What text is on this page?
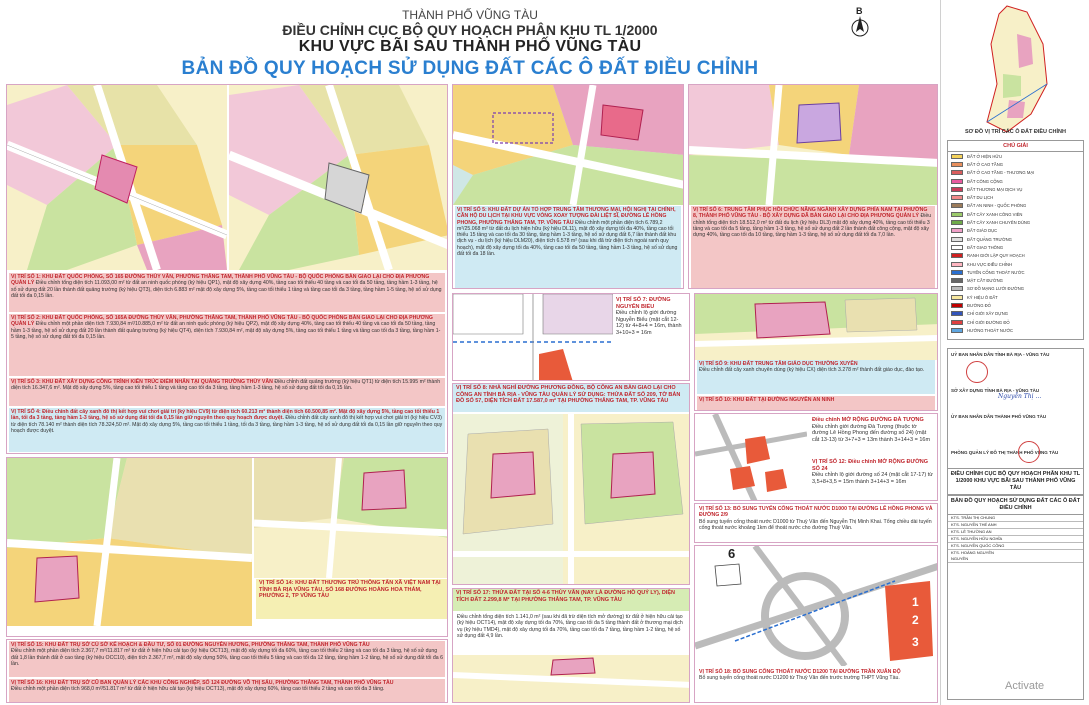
THÀNH PHỐ VŨNG TÀU
ĐIỀU CHỈNH CỤC BỘ QUY HOẠCH PHÂN KHU TL 1/2000
KHU VỰC BÃI SAU THÀNH PHỐ VŨNG TÀU
BẢN ĐỒ QUY HOẠCH SỬ DỤNG ĐẤT CÁC Ô ĐẤT ĐIỀU CHỈNH
B
VỊ TRÍ SỐ 1: KHU ĐẤT QUỐC PHÒNG, SỐ 165 ĐƯỜNG THÙY VÂN, PHƯỜNG THẮNG TAM, THÀNH PHỐ VŨNG TÀU - BỘ QUỐC PHÒNG BÀN GIAO LẠI CHO ĐỊA PHƯƠNG QUẢN LÝ Điều chỉnh tổng diện tích 11.093,00 m² từ đất an ninh quốc phòng (ký hiệu QP1), mật độ xây dựng 40%, tầng cao tối thiểu 40 tầng và cao tối đa 50 tầng, tầng hầm 1-3 tầng, hệ số sử dụng đất 20 lần thành đất quảng trường (ký hiệu QT3), diện tích 6.883 m² mật độ xây dựng 5%, tầng cao tối thiểu 1 tầng và tầng cao tối đa 3 tầng, tầng hầm 1-5 tầng, hệ số sử dụng đất tối đa 0,15 lần.
VỊ TRÍ SỐ 2: KHU ĐẤT QUỐC PHÒNG, SỐ 165A ĐƯỜNG THÙY VÂN, PHƯỜNG THẮNG TAM, THÀNH PHỐ VŨNG TÀU - BỘ QUỐC PHÒNG BÀN GIAO LẠI CHO ĐỊA PHƯƠNG QUẢN LÝ Điều chỉnh một phần diện tích 7.930,84 m²/10.885,0 m² từ đất an ninh quốc phòng (ký hiệu QP2), mật độ xây dựng 40%, tầng cao tối thiểu 40 tầng và cao tối đa 50 tầng, tầng hầm 1-3 tầng, hệ số sử dụng đất 20 lần thành đất quảng trường (ký hiệu QT4), diện tích 7.930,84 m², mật độ xây dựng 5%, tầng cao tối thiểu 1 tầng và tầng cao tối đa 3 tầng, tầng hầm 1-5 tầng, hệ số sử dụng đất tối đa 0,15 lần.
VỊ TRÍ SỐ 3: KHU ĐẤT XÂY DỰNG CÔNG TRÌNH KIẾN TRÚC ĐIỂM NHẤN TẠI QUẢNG TRƯỜNG THÙY VÂN Điều chỉnh đất quảng trường (ký hiệu QT1) từ diện tích 15.995 m² thành diện tích 16.347,6 m². Mật độ xây dựng 5%, tầng cao tối thiểu 1 tầng và tầng cao tối đa 3 tầng, tầng hầm 1-3 tầng, hệ số sử dụng đất tối đa 0,15 lần.
VỊ TRÍ SỐ 4: Điều chỉnh đất cây xanh đô thị kết hợp vui chơi giải trí (ký hiệu CV9) từ diện tích 60.213 m² thành diện tích 60.500,85 m². Mật độ xây dựng 5%, tầng cao tối thiểu 1 lần, tối đa 3 tầng, tầng hầm 1-3 tầng, hệ số sử dụng đất tối đa 0,15 lần giữ nguyên theo quy hoạch được duyệt. Điều chỉnh đất cây xanh đô thị kết hợp vui chơi giải trí (ký hiệu CV3) từ diện tích 78.140 m² thành diện tích 78.324,50 m². Mật độ xây dựng 5%, tầng cao tối thiểu 1 tầng, tối đa 3 tầng, tầng hầm 1-3 tầng, hệ số sử dụng đất tối đa 0,15 lần giữ nguyên theo quy hoạch được duyệt.
VỊ TRÍ SỐ 5: KHU ĐẤT DỰ ÁN TỔ HỢP TRUNG TÂM THƯƠNG MẠI, HỘI NGHỊ TẠI CHỈNH, CĂN HỘ DU LỊCH TẠI KHU VỰC VÒNG XOAY TƯỢNG ĐÀI LIỆT SĨ, ĐƯỜNG LÊ HỒNG PHONG, PHƯỜNG THẮNG TAM, TP. VŨNG TÀU Điều chỉnh một phần diện tích 6.789,2 m²/25.068 m² từ đất du lịch hiện hữu (ký hiệu DL11), mật độ xây dựng tối đa 40%, tầng cao tối thiểu 15 tầng và cao tối đa 30 tầng, tầng hầm 1-3 tầng, hệ số sử dụng đất 6,7 lần thành đất khu dịch vụ - du lịch (ký hiệu DLM20), diện tích 6.578 m² (sau khi đã trừ diện tích ngoài ranh quy hoạch), mật độ xây dựng tối đa 40%, tầng cao tối đa 50 tầng, tầng hầm 1-3 tầng, hệ số sử dụng đất tối đa 18 lần.
VỊ TRÍ SỐ 6: TRUNG TÂM PHỤC HỒI CHỨC NĂNG NGÀNH XÂY DỰNG PHÍA NAM TẠI PHƯỜNG 8, THÀNH PHỐ VŨNG TÀU - BỘ XÂY DỰNG ĐÃ BÀN GIAO LẠI CHO ĐỊA PHƯƠNG QUẢN LÝ Điều chỉnh tổng diện tích 18.512,0 m² từ đất du lịch (ký hiệu DL3) mật độ xây dựng 40%, tầng cao tối thiểu 3 tầng và cao tối đa 5 tầng, tầng hầm 1-3 tầng, hệ số sử dụng đất 2 lần thành đất công cộng, mật độ xây dựng 40%, tầng cao tối đa 10 tầng, tầng hầm 1-3 tầng, hệ số sử dụng đất tối đa 7,0 lần.
VỊ TRÍ SỐ 7: ĐƯỜNG NGUYỄN BIỂU
Điều chỉnh lộ giới đường Nguyễn Biểu (mặt cắt 12-12) từ 4+8+4 = 16m, thành 3+10+3 = 16m
VỊ TRÍ SỐ 8: NHÀ NGHỈ ĐƯỜNG PHƯƠNG ĐÔNG, BỘ CÔNG AN BÀN GIAO LẠI CHO CÔNG AN TỈNH BÀ RỊA - VŨNG TÀU QUẢN LÝ SỬ DỤNG: THỬA ĐẤT SỐ 209, TỜ BẢN ĐỒ SỐ 57, DIỆN TÍCH ĐẤT 17.587,0 m² TẠI PHƯỜNG THẮNG TAM, TP. VŨNG TÀU
VỊ TRÍ SỐ 9: KHU ĐẤT TRUNG TÂM GIÁO DỤC THƯỜNG XUYÊN
Điều chỉnh đất cây xanh chuyên dùng (ký hiệu CX) diện tích 3.278 m² thành đất giáo dục, đào tạo.
VỊ TRÍ SỐ 10: KHU ĐẤT TẠI ĐƯỜNG NGUYỄN AN NINH
Điều chỉnh MỞ RỘNG ĐƯỜNG ĐÀ TƯỢNG
Điều chỉnh giới đường Đà Tượng (thuộc tờ đường Lê Hồng Phong đến đường số 24) (mặt cắt 13-13) từ 3+7+3 = 13m thành 3+14+3 = 16m
VỊ TRÍ SỐ 12: Điều chỉnh MỞ RỘNG ĐƯỜNG SỐ 24
Điều chỉnh lộ giới đường số 24 (mặt cắt 17-17) từ 3,5+8+3,5 = 15m thành 3+14+3 = 16m
VỊ TRÍ SỐ 13: BỔ SUNG TUYẾN CỐNG THOÁT NƯỚC D1000 TẠI ĐƯỜNG LÊ HỒNG PHONG VÀ ĐƯỜNG 2/9
Bổ sung tuyến cống thoát nước D1000 từ Thuỳ Vân đến Nguyễn Thị Minh Khai. Tổng chiều dài tuyến cống thoát nước khoảng 1km để thoát nước cho đường Thuỳ Vân.
6
1
2
3
VỊ TRÍ SỐ 18: BỔ SUNG CỐNG THOÁT NƯỚC D1200 TẠI ĐƯỜNG TRẦN XUÂN ĐỘ
Bổ sung tuyến cống thoát nước D1200 từ Thuỳ Vân đến trước trường THPT Vũng Tàu.
VỊ TRÍ SỐ 14: KHU ĐẤT THƯƠNG TRÚ THÔNG TẤN XÃ VIỆT NAM TẠI TỈNH BÀ RỊA VŨNG TÀU, SỐ 168 ĐƯỜNG HOÀNG HOA THÁM, PHƯỜNG 2, TP VŨNG TÀU
VỊ TRÍ SỐ 15: KHU ĐẤT TRỤ SỞ CỦ SỞ KẾ HOẠCH & ĐẦU TƯ, SỐ 01 ĐƯỜNG NGUYỄN HƯƠNG, PHƯỜNG THẮNG TAM, THÀNH PHỐ VŨNG TÀU
Điều chỉnh một phần diện tích 2.367,7 m²/11.817 m² từ đất ở hiện hữu cải tạo (ký hiệu OCT13), mật độ xây dựng tối đa 60%, tầng cao tối thiểu 2 tầng và cao tối đa 3 tầng, hệ số sử dụng đất 1,8 lần thành đất ở cao tầng (ký hiệu OCC10), diện tích 2.367,7 m², mật độ xây dựng 50%, tầng cao tối thiểu 5 tầng và cao tối đa 12 tầng, tầng hầm 1-2 tầng, hệ số sử dụng đất tối đa 6 lần.
VỊ TRÍ SỐ 16: KHU ĐẤT TRỤ SỞ CŨ BAN QUẢN LÝ CÁC KHU CÔNG NGHIỆP, SỐ 124 ĐƯỜNG VÕ THỊ SÁU, PHƯỜNG THẮNG TAM, THÀNH PHỐ VŨNG TÀU
Điều chỉnh một phần diện tích 968,0 m²/51.817 m² từ đất ở hiện hữu cải tạo (ký hiệu OCT13), mật độ xây dựng 60%, tầng cao tối thiểu 2 tầng và cao tối đa 3 tầng.
VỊ TRÍ SỐ 17: THỬA ĐẤT TẠI SỐ 4-6 THÙY VÂN (NAY LÀ ĐƯỜNG HỒ QUÝ LY), DIỆN TÍCH ĐẤT 2.299,8 M² TẠI PHƯỜNG THẮNG TAM, TP. VŨNG TÀU
Điều chỉnh tổng diện tích 1.141,0 m² (sau khi đã trừ diện tích mở đường) từ đất ở hiện hữu cải tạo (ký hiệu OCT14), mật độ xây dựng tối đa 70%, tầng cao tối đa 5 tầng thành đất ở thương mại dịch vụ (ký hiệu TMD4), mật độ xây dựng tối đa 70%, tầng cao tối đa 7 tầng, tầng hầm 1-2 tầng, hệ số sử dụng đất 4,9 lần.
SƠ ĐỒ VỊ TRÍ CÁC Ô ĐẤT ĐIỀU CHỈNH
CHÚ GIẢI
ĐẤT Ở HIỆN HỮU
ĐẤT Ở CAO TẦNG
ĐẤT Ở CAO TẦNG - THƯƠNG MẠI
ĐẤT CÔNG CỘNG
ĐẤT THƯƠNG MẠI DỊCH VỤ
ĐẤT DU LỊCH
ĐẤT AN NINH - QUỐC PHÒNG
ĐẤT CÂY XANH CÔNG VIÊN
ĐẤT CÂY XANH CHUYÊN DÙNG
ĐẤT GIÁO DỤC
ĐẤT QUẢNG TRƯỜNG
ĐẤT GIAO THÔNG
RANH GIỚI LẬP QUY HOẠCH
KHU VỰC ĐIỀU CHỈNH
TUYẾN CỐNG THOÁT NƯỚC
MẶT CẮT ĐƯỜNG
SƠ ĐỒ MẠNG LƯỚI ĐƯỜNG
KÝ HIỆU Ô ĐẤT
ĐƯỜNG ĐỎ
CHỈ GIỚI XÂY DỰNG
CHỈ GIỚI ĐƯỜNG ĐỎ
HƯỚNG THOÁT NƯỚC
UỶ BAN NHÂN DÂN TỈNH BÀ RỊA - VŨNG TÀU
SỞ XÂY DỰNG TỈNH BÀ RỊA - VŨNG TÀU
Nguyễn Thị ...
ỦY BAN NHÂN DÂN THÀNH PHỐ VŨNG TÀU
PHÒNG QUẢN LÝ ĐÔ THỊ THÀNH PHỐ VŨNG TÀU
ĐIỀU CHỈNH CỤC BỘ QUY HOẠCH PHÂN KHU TL 1/2000 KHU VỰC BÃI SAU THÀNH PHỐ VŨNG TÀU
BẢN ĐỒ QUY HOẠCH SỬ DỤNG ĐẤT CÁC Ô ĐẤT ĐIỀU CHỈNH
KTS. TRẦN THỊ CHUNG
KTS. NGUYỄN THẾ ANH
KTS. LÊ THƯỜNG AN
KTS. NGUYỄN HỮU NGHĨA
KTS. NGUYỄN QUỐC CÔNG
KTS. HOÀNG NGUYÊN NGUYÊN
Activate
